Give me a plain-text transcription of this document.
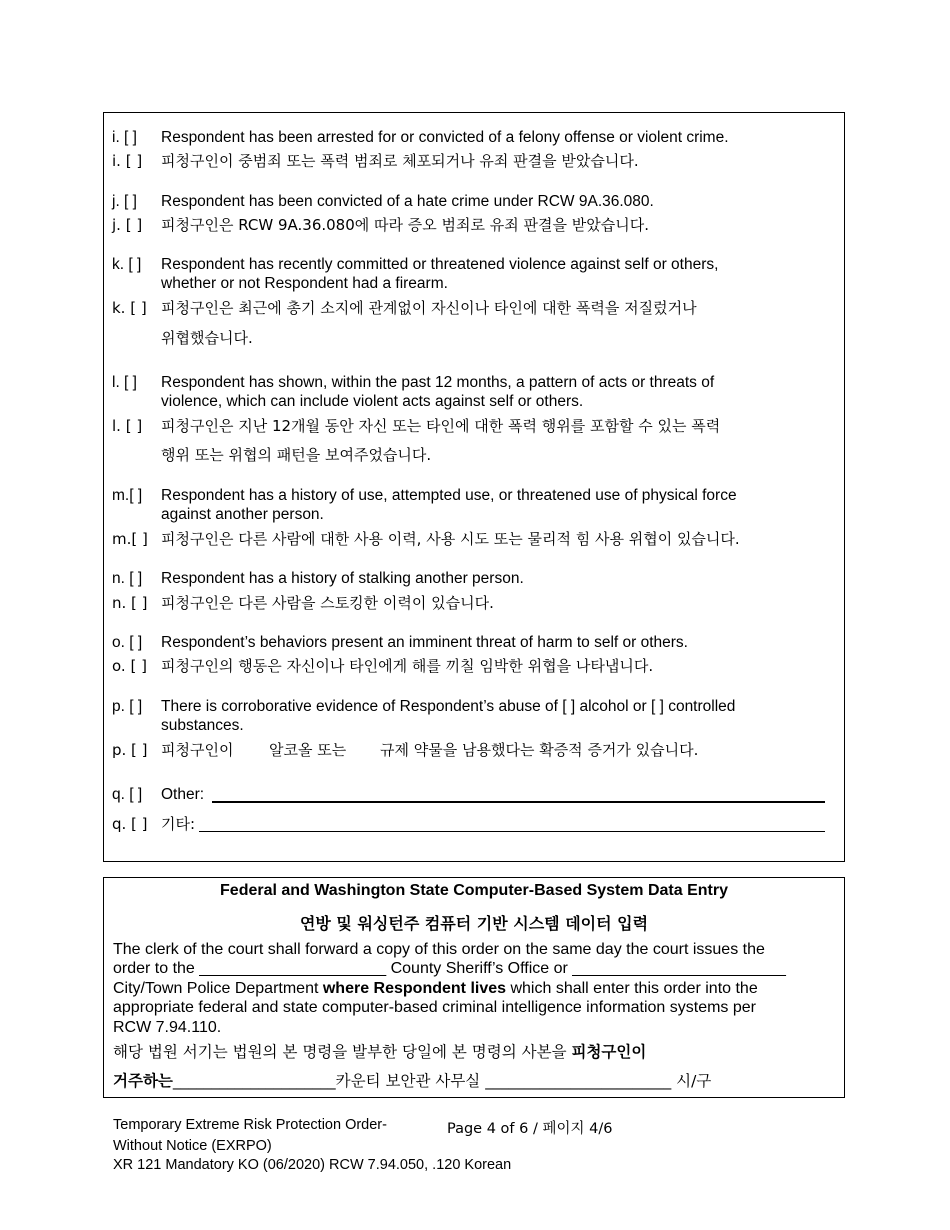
i. [ ] Respondent has been arrested for or convicted of a felony offense or violent crime.
i. [ ] 피청구인이 중범죄 또는 폭력 범죄로 체포되거나 유죄 판결을 받았습니다.
j. [ ] Respondent has been convicted of a hate crime under RCW 9A.36.080.
j. [ ] 피청구인은 RCW 9A.36.080에 따라 증오 범죄로 유죄 판결을 받았습니다.
k. [ ] Respondent has recently committed or threatened violence against self or others,
whether or not Respondent had a firearm.
k. [ ] 피청구인은 최근에 총기 소지에 관계없이 자신이나 타인에 대한 폭력을 저질렀거나
위협했습니다.
l. [ ] Respondent has shown, within the past 12 months, a pattern of acts or threats of
violence, which can include violent acts against self or others.
l. [ ] 피청구인은 지난 12개월 동안 자신 또는 타인에 대한 폭력 행위를 포함할 수 있는 폭력
행위 또는 위협의 패턴을 보여주었습니다.
m.[ ] Respondent has a history of use, attempted use, or threatened use of physical force
against another person.
m.[ ] 피청구인은 다른 사람에 대한 사용 이력, 사용 시도 또는 물리적 힘 사용 위협이 있습니다.
n. [ ] Respondent has a history of stalking another person.
n. [ ] 피청구인은 다른 사람을 스토킹한 이력이 있습니다.
o. [ ] Respondent’s behaviors present an imminent threat of harm to self or others.
o. [ ] 피청구인의 행동은 자신이나 타인에게 해를 끼칠 임박한 위협을 나타냅니다.
p. [ ] There is corroborative evidence of Respondent’s abuse of [ ] alcohol or [ ] controlled
substances.
p. [ ] 피청구인이 알코올 또는 규제 약물을 남용했다는 확증적 증거가 있습니다.
q. [ ] Other:
q. [ ] 기타:
Federal and Washington State Computer-Based System Data Entry
연방 및 워싱턴주 컴퓨터 기반 시스템 데이터 입력
The clerk of the court shall forward a copy of this order on the same day the court issues the
order to the _____________________ County Sheriff’s Office or ________________________
City/Town Police Department where Respondent lives which shall enter this order into the
appropriate federal and state computer-based criminal intelligence information systems per
RCW 7.94.110.
해당 법원 서기는 법원의 본 명령을 발부한 당일에 본 명령의 사본을 피청구인이
거주하는_____________________카운티 보안관 사무실 ________________________ 시/구
Temporary Extreme Risk Protection Order-
Without Notice (EXRPO)
XR 121 Mandatory KO (06/2020) RCW 7.94.050, .120 Korean
Page 4 of 6 / 페이지 4/6
